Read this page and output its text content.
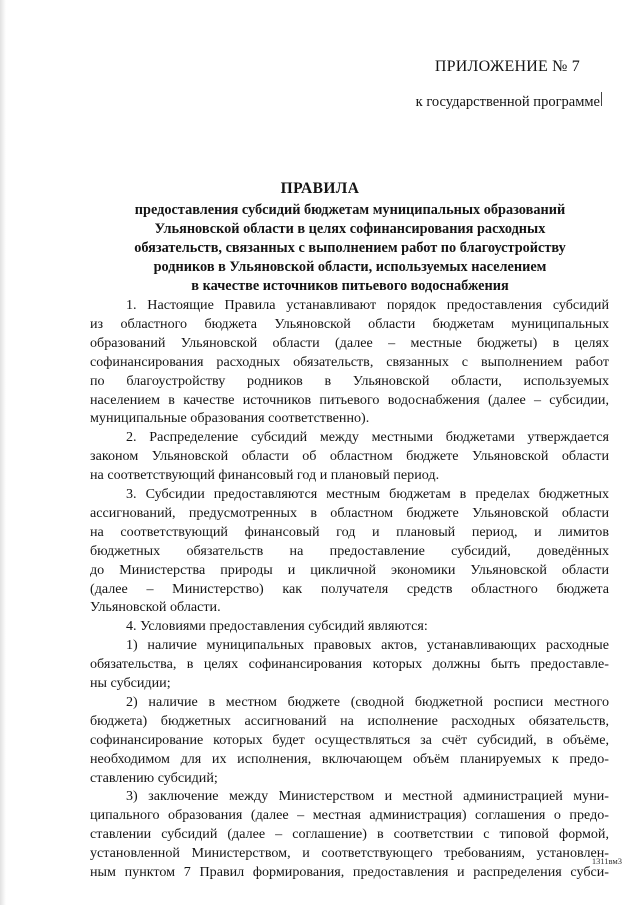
ПРИЛОЖЕНИЕ № 7
к государственной программе
ПРАВИЛА
предоставления субсидий бюджетам муниципальных образований
Ульяновской области в целях софинансирования расходных
обязательств, связанных с выполнением работ по благоустройству
родников в Ульяновской области, используемых населением
в качестве источников питьевого водоснабжения
1. Настоящие Правила устанавливают порядок предоставления субсидий
из областного бюджета Ульяновской области бюджетам муниципальных
образований Ульяновской области (далее – местные бюджеты) в целях
софинансирования расходных обязательств, связанных с выполнением работ
по благоустройству родников в Ульяновской области, используемых
населением в качестве источников питьевого водоснабжения (далее – субсидии,
муниципальные образования соответственно).
2. Распределение субсидий между местными бюджетами утверждается
законом Ульяновской области об областном бюджете Ульяновской области
на соответствующий финансовый год и плановый период.
3. Субсидии предоставляются местным бюджетам в пределах бюджетных
ассигнований, предусмотренных в областном бюджете Ульяновской области
на соответствующий финансовый год и плановый период, и лимитов
бюджетных обязательств на предоставление субсидий, доведённых
до Министерства природы и цикличной экономики Ульяновской области
(далее – Министерство) как получателя средств областного бюджета
Ульяновской области.
4. Условиями предоставления субсидий являются:
1) наличие муниципальных правовых актов, устанавливающих расходные
обязательства, в целях софинансирования которых должны быть предоставле-
ны субсидии;
2) наличие в местном бюджете (сводной бюджетной росписи местного
бюджета) бюджетных ассигнований на исполнение расходных обязательств,
софинансирование которых будет осуществляться за счёт субсидий, в объёме,
необходимом для их исполнения, включающем объём планируемых к предо-
ставлению субсидий;
3) заключение между Министерством и местной администрацией муни-
ципального образования (далее – местная администрация) соглашения о предо-
ставлении субсидий (далее – соглашение) в соответствии с типовой формой,
установленной Министерством, и соответствующего требованиям, установлен-
ным пунктом 7 Правил формирования, предоставления и распределения субси-
1311вм3
